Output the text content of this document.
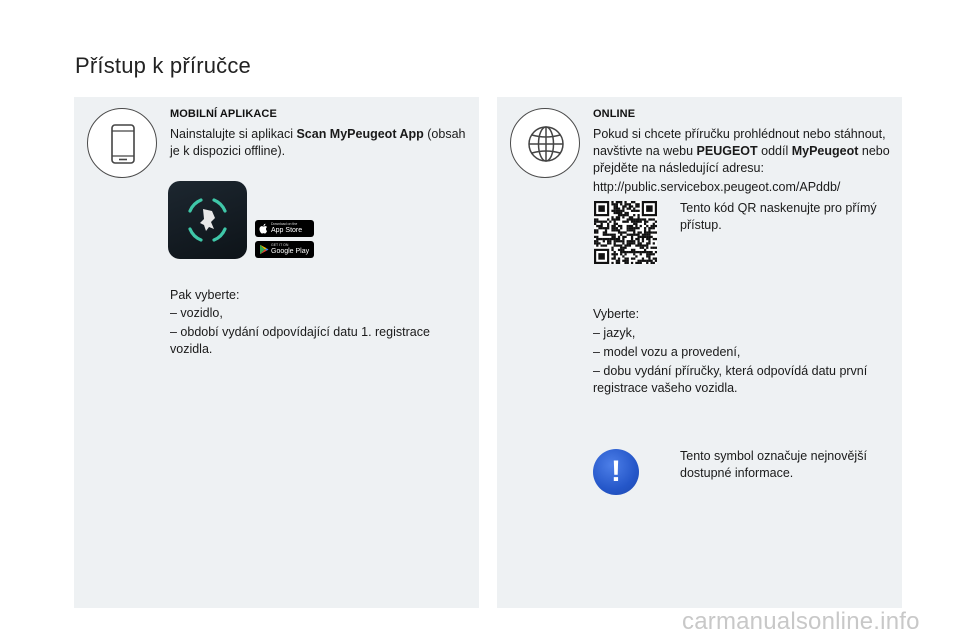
Přístup k příručce
MOBILNÍ APLIKACE
Nainstalujte si aplikaci Scan MyPeugeot App (obsah
je k dispozici offline).
Download on the
App Store
GET IT ON
Google Play
Pak vyberte:
– vozidlo,
– období vydání odpovídající datu 1. registrace
vozidla.
ONLINE
Pokud si chcete příručku prohlédnout nebo stáhnout,
navštivte na webu PEUGEOT oddíl MyPeugeot nebo
přejděte na následující adresu:
http://public.servicebox.peugeot.com/APddb/
Tento kód QR naskenujte pro přímý
přístup.
Vyberte:
– jazyk,
– model vozu a provedení,
– dobu vydání příručky, která odpovídá datu první
registrace vašeho vozidla.
!	Tento symbol označuje nejnovější
dostupné informace.
carmanualsonline.info
